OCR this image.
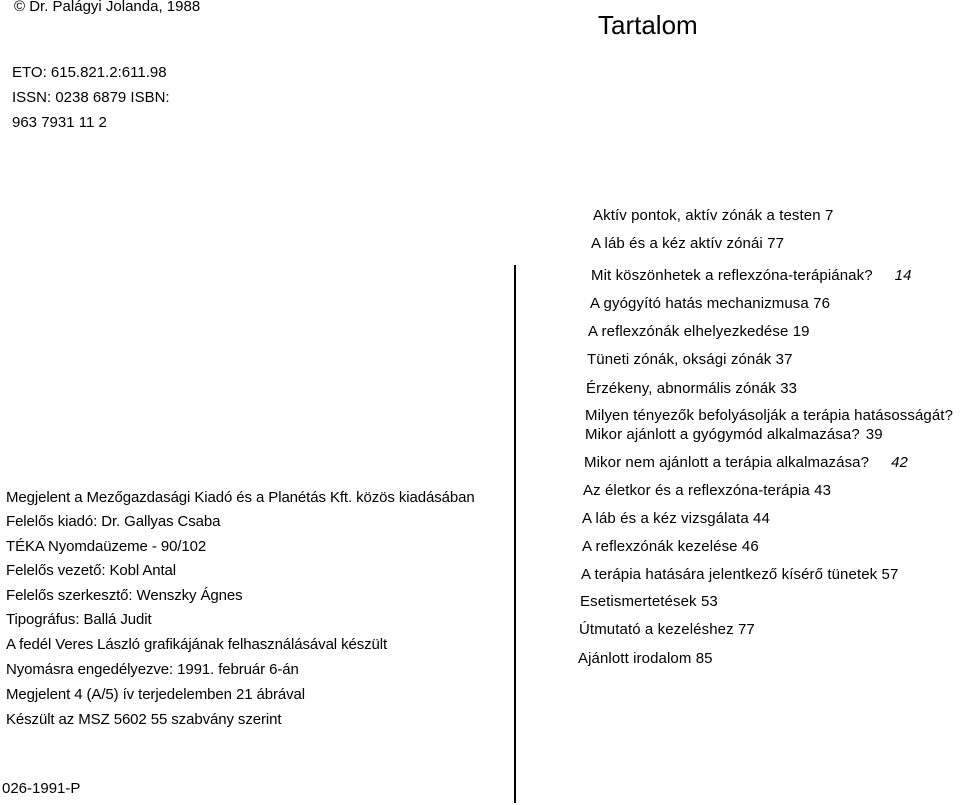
© Dr. Palágyi Jolanda, 1988
Tartalom
ETO: 615.821.2:611.98
ISSN: 0238 6879 ISBN:
963 7931 11 2
Megjelent a Mezőgazdasági Kiadó és a Planétás Kft. közös kiadásában
Felelős kiadó: Dr. Gallyas Csaba
TÉKA Nyomdaüzeme - 90/102
Felelős vezető: Kobl Antal
Felelős szerkesztő: Wenszky Ágnes
Tipográfus: Ballá Judit
A fedél Veres László grafikájának felhasználásával készült
Nyomásra engedélyezve: 1991. február 6-án
Megjelent 4 (A/5) ív terjedelemben 21 ábrával
Készült az MSZ 5602 55 szabvány szerint
026-1991-P
Aktív pontok, aktív zónák a testen 7
A láb és a kéz aktív zónái 77
Mit köszönhetek a reflexzóna-terápiának? 14
A gyógyító hatás mechanizmusa 76
A reflexzónák elhelyezkedése 19
Tüneti zónák, oksági zónák 37
Érzékeny, abnormális zónák 33
Milyen tényezők befolyásolják a terápia hatásosságát?
Mikor ajánlott a gyógymód alkalmazása? 39
Mikor nem ajánlott a terápia alkalmazása? 42
Az életkor és a reflexzóna-terápia 43
A láb és a kéz vizsgálata 44
A reflexzónák kezelése 46
A terápia hatására jelentkező kísérő tünetek 57
Esetismertetések 53
Útmutató a kezeléshez 77
Ajánlott irodalom 85
